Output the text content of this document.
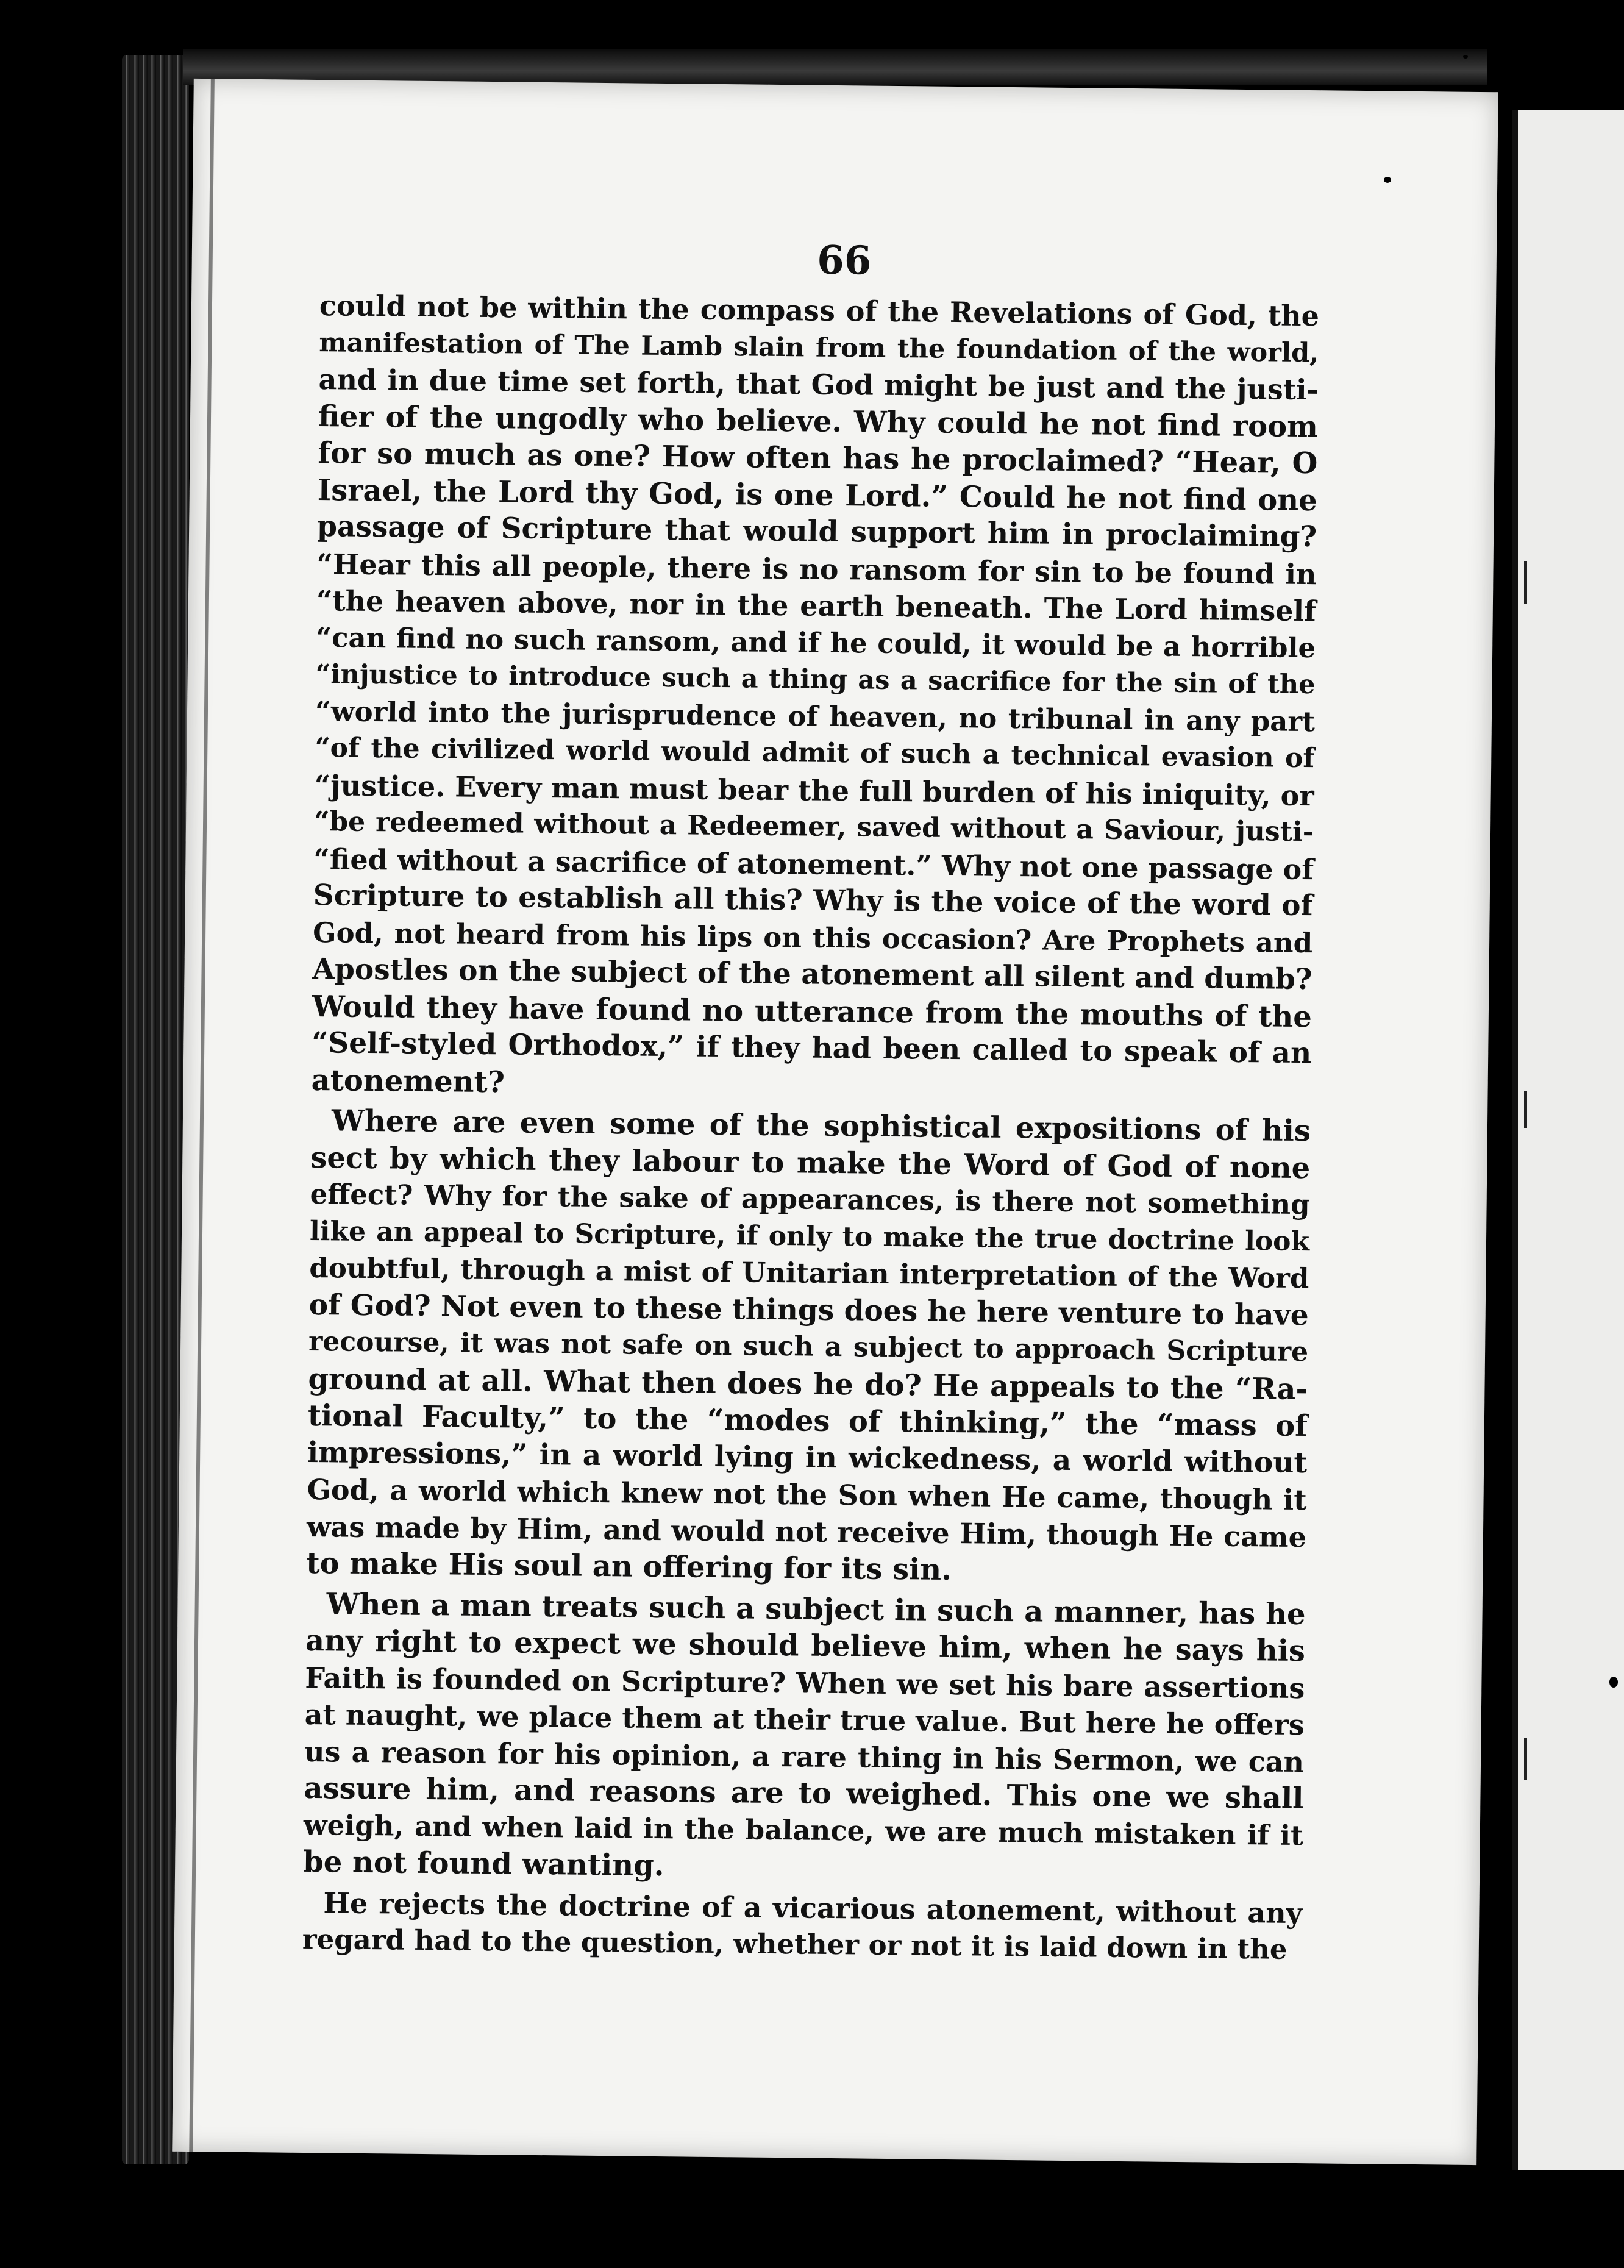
66
could not be within the compass of the Revelations of God, the
manifestation of The Lamb slain from the foundation of the world,
and in due time set forth, that God might be just and the justi-
fier of the ungodly who believe. Why could he not find room
for so much as one? How often has he proclaimed? “Hear, O
Israel, the Lord thy God, is one Lord.” Could he not find one
passage of Scripture that would support him in proclaiming?
“Hear this all people, there is no ransom for sin to be found in
“the heaven above, nor in the earth beneath. The Lord himself
“can find no such ransom, and if he could, it would be a horrible
“injustice to introduce such a thing as a sacrifice for the sin of the
“world into the jurisprudence of heaven, no tribunal in any part
“of the civilized world would admit of such a technical evasion of
“justice. Every man must bear the full burden of his iniquity, or
“be redeemed without a Redeemer, saved without a Saviour, justi-
“fied without a sacrifice of atonement.” Why not one passage of
Scripture to establish all this? Why is the voice of the word of
God, not heard from his lips on this occasion? Are Prophets and
Apostles on the subject of the atonement all silent and dumb?
Would they have found no utterance from the mouths of the
“Self-styled Orthodox,” if they had been called to speak of an
atonement?
Where are even some of the sophistical expositions of his
sect by which they labour to make the Word of God of none
effect? Why for the sake of appearances, is there not something
like an appeal to Scripture, if only to make the true doctrine look
doubtful, through a mist of Unitarian interpretation of the Word
of God? Not even to these things does he here venture to have
recourse, it was not safe on such a subject to approach Scripture
ground at all. What then does he do? He appeals to the “Ra-
tional Faculty,” to the “modes of thinking,” the “mass of
impressions,” in a world lying in wickedness, a world without
God, a world which knew not the Son when He came, though it
was made by Him, and would not receive Him, though He came
to make His soul an offering for its sin.
When a man treats such a subject in such a manner, has he
any right to expect we should believe him, when he says his
Faith is founded on Scripture? When we set his bare assertions
at naught, we place them at their true value. But here he offers
us a reason for his opinion, a rare thing in his Sermon, we can
assure him, and reasons are to weighed. This one we shall
weigh, and when laid in the balance, we are much mistaken if it
be not found wanting.
He rejects the doctrine of a vicarious atonement, without any
regard had to the question, whether or not it is laid down in the
